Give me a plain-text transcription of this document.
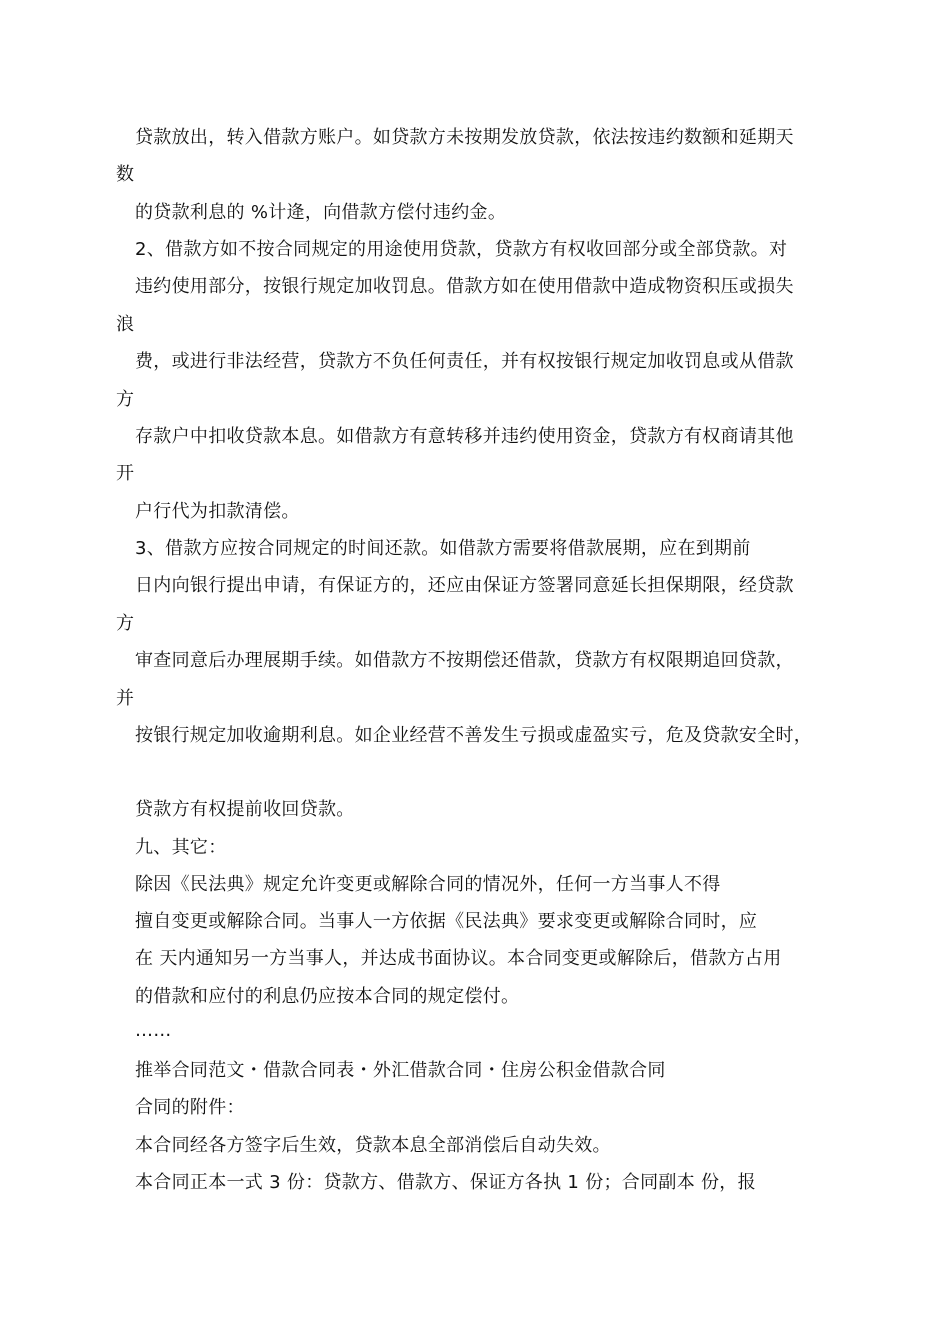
贷款放出，转入借款方账户。如贷款方未按期发放贷款，依法按违约数额和延期天
数
的贷款利息的 %计逄，向借款方偿付违约金。
2、借款方如不按合同规定的用途使用贷款，贷款方有权收回部分或全部贷款。对
违约使用部分，按银行规定加收罚息。借款方如在使用借款中造成物资积压或损失
浪
费，或进行非法经营，贷款方不负任何责任，并有权按银行规定加收罚息或从借款
方
存款户中扣收贷款本息。如借款方有意转移并违约使用资金，贷款方有权商请其他
开
户行代为扣款清偿。
3、借款方应按合同规定的时间还款。如借款方需要将借款展期，应在到期前
日内向银行提出申请，有保证方的，还应由保证方签署同意延长担保期限，经贷款
方
审查同意后办理展期手续。如借款方不按期偿还借款，贷款方有权限期追回贷款，
并
按银行规定加收逾期利息。如企业经营不善发生亏损或虚盈实亏，危及贷款安全时，
贷款方有权提前收回贷款。
九、其它：
除因《民法典》规定允许变更或解除合同的情况外，任何一方当事人不得
擅自变更或解除合同。当事人一方依据《民法典》要求变更或解除合同时，应
在 天内通知另一方当事人，并达成书面协议。本合同变更或解除后，借款方占用
的借款和应付的利息仍应按本合同的规定偿付。
……
推举合同范文・借款合同表・外汇借款合同・住房公积金借款合同
合同的附件：
本合同经各方签字后生效，贷款本息全部消偿后自动失效。
本合同正本一式 3 份：贷款方、借款方、保证方各执 1 份；合同副本 份，报
